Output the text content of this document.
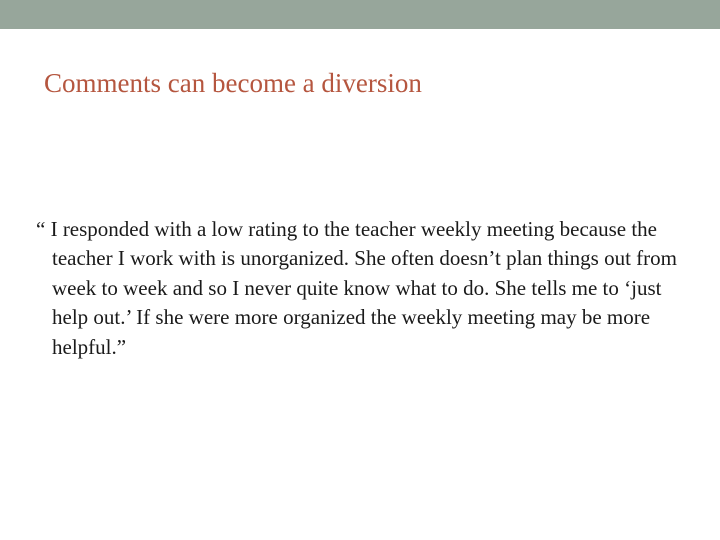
Comments can become a diversion

“ I responded with a low rating to the teacher weekly meeting because the teacher I work with is unorganized. She often doesn’t plan things out from week to week and so I never quite know what to do. She tells me to ‘just help out.’ If she were more organized the weekly meeting may be more helpful.”
